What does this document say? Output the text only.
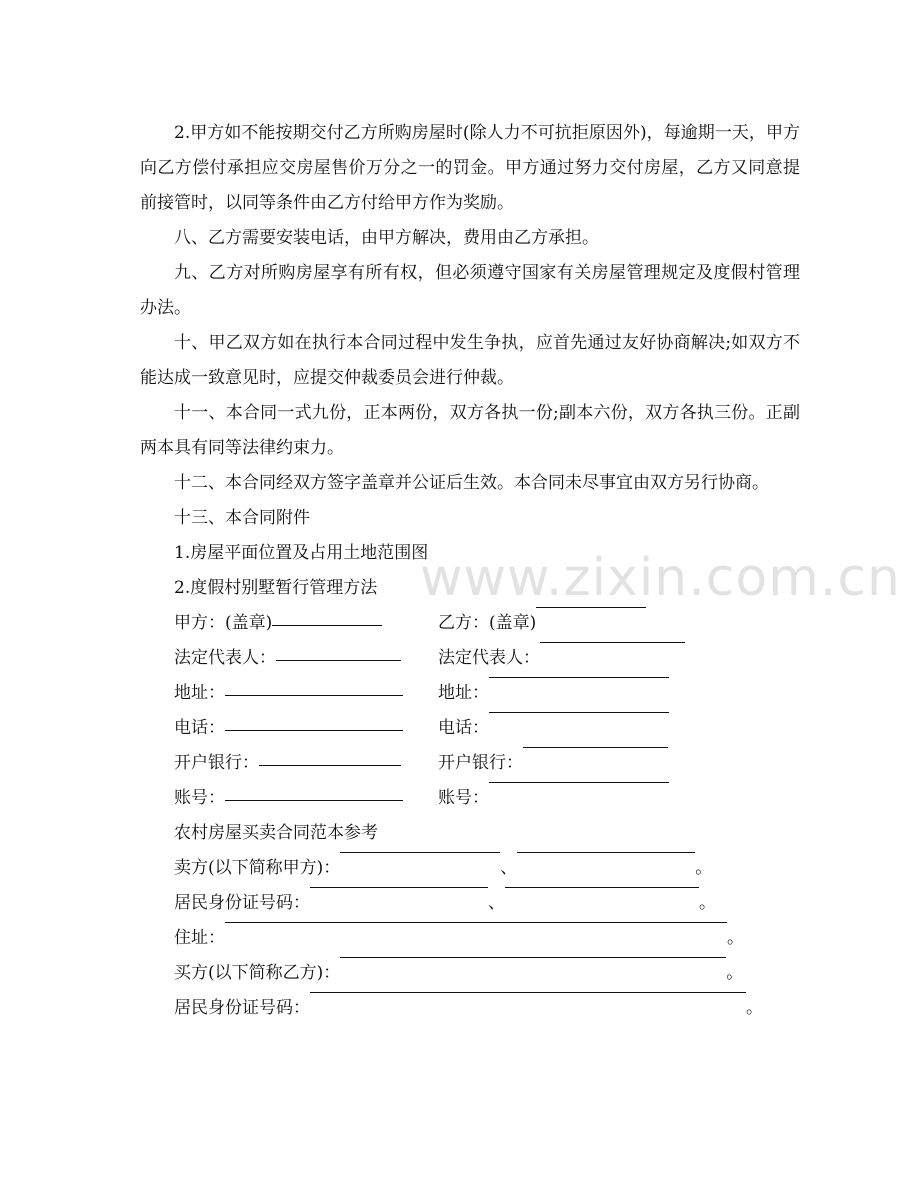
2.甲方如不能按期交付乙方所购房屋时(除人力不可抗拒原因外)，每逾期一天，甲方向乙方偿付承担应交房屋售价万分之一的罚金。甲方通过努力交付房屋，乙方又同意提前接管时，以同等条件由乙方付给甲方作为奖励。

八、乙方需要安装电话，由甲方解决，费用由乙方承担。

九、乙方对所购房屋享有所有权，但必须遵守国家有关房屋管理规定及度假村管理办法。

十、甲乙双方如在执行本合同过程中发生争执，应首先通过友好协商解决;如双方不能达成一致意见时，应提交仲裁委员会进行仲裁。

十一、本合同一式九份，正本两份，双方各执一份;副本六份，双方各执三份。正副两本具有同等法律约束力。

十二、本合同经双方签字盖章并公证后生效。本合同未尽事宜由双方另行协商。

十三、本合同附件

1.房屋平面位置及占用土地范围图

2.度假村别墅暂行管理方法

甲方：(盖章)	乙方：(盖章)
法定代表人：	法定代表人：
地址：	地址：
电话：	电话：
开户银行：	开户银行：
账号：	账号：

农村房屋买卖合同范本参考

卖方(以下简称甲方)：	、	。
居民身份证号码：	、	。
住址：	。
买方(以下简称乙方)：	。
居民身份证号码：	。
www.zixin.com.cn
